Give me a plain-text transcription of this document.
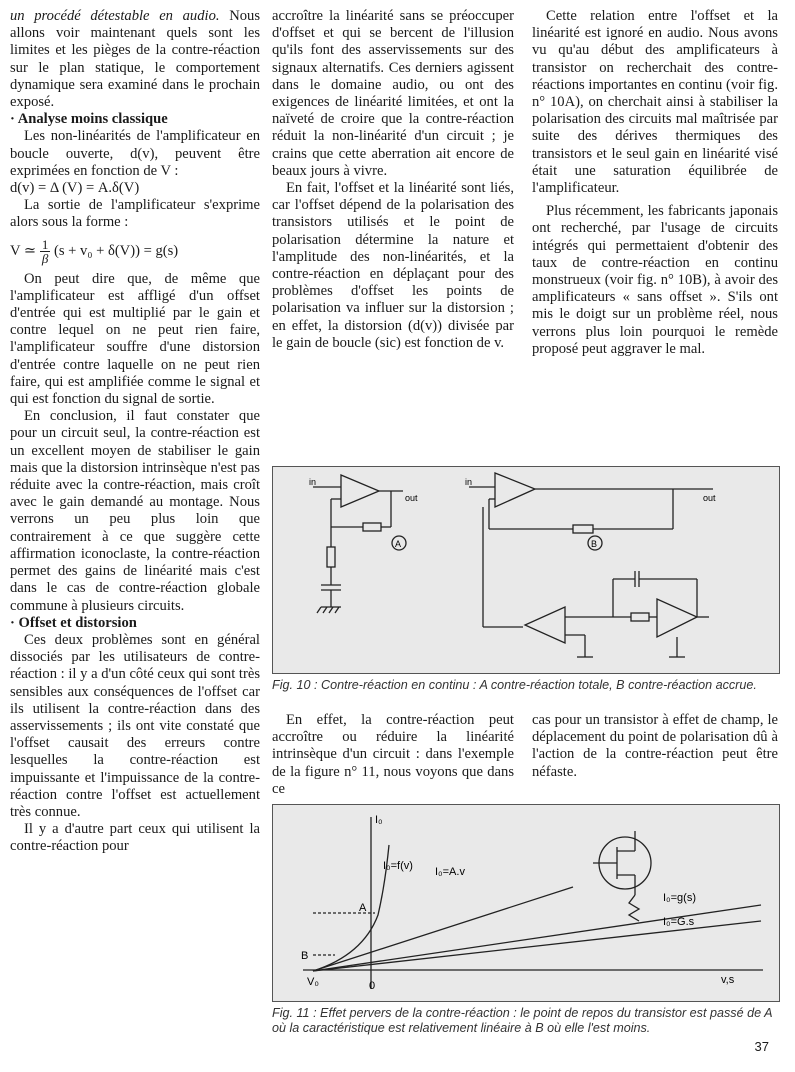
un procédé détestable en audio. Nous allons voir maintenant quels sont les limites et les pièges de la contre-réaction sur le plan statique, le comportement dynamique sera examiné dans le prochain exposé.

· Analyse moins classique

Les non-linéarités de l'amplificateur en boucle ouverte, d(v), peuvent être exprimées en fonction de V :

d(v) = Δ (V) = A.δ(V)

La sortie de l'amplificateur s'exprime alors sous la forme :

V ≃ $\frac{1}{\beta} (s + v_0 + \delta(V)) = g(s)$

On peut dire que, de même que l'amplificateur est affligé d'un offset d'entrée qui est multiplié par le gain et contre lequel on ne peut rien faire, l'amplificateur souffre d'une distorsion d'entrée contre laquelle on ne peut rien faire, qui est amplifiée comme le signal et qui est fonction du signal de sortie.

En conclusion, il faut constater que pour un circuit seul, la contre-réaction est un excellent moyen de stabiliser le gain mais que la distorsion intrinsèque n'est pas réduite avec la contre-réaction, mais croît avec le gain demandé au montage. Nous verrons un peu plus loin que contrairement à ce que suggère cette affirmation iconoclaste, la contre-réaction permet des gains de linéarité mais c'est dans le cas de contre-réaction globale commune à plusieurs circuits.

· Offset et distorsion

Ces deux problèmes sont en général dissociés par les utilisateurs de contre-réaction : il y a d'un côté ceux qui sont très sensibles aux conséquences de l'offset car ils utilisent la contre-réaction dans des asservissements ; ils ont vite constaté que l'offset causait des erreurs contre lesquelles la contre-réaction est impuissante et l'impuissance de la contre-réaction contre l'offset est actuellement très connue.

Il y a d'autre part ceux qui utilisent la contre-réaction pour

accroître la linéarité sans se préoccuper d'offset et qui se bercent de l'illusion qu'ils font des asservissements sur des signaux alternatifs. Ces derniers agissent dans le domaine audio, ou ont des exigences de linéarité limitées, et ont la naïveté de croire que la contre-réaction réduit la non-linéarité d'un circuit ; je crains que cette aberration ait encore de beaux jours à vivre.

En fait, l'offset et la linéarité sont liés, car l'offset dépend de la polarisation des transistors utilisés et le point de polarisation détermine la nature et l'amplitude des non-linéarités, et la contre-réaction en déplaçant pour des problèmes d'offset les points de polarisation va influer sur la distorsion ; en effet, la distorsion (d(v)) divisée par le gain de boucle (sic) est fonction de v.

Cette relation entre l'offset et la linéarité est ignoré en audio. Nous avons vu qu'au début des amplificateurs à transistor on recherchait des contre-réactions importantes en continu (voir fig. n° 10A), on cherchait ainsi à stabiliser la polarisation des circuits mal maîtrisée par suite des dérives thermiques des transistors et le seul gain en linéarité visé était une saturation équilibrée de l'amplificateur.

Plus récemment, les fabricants japonais ont recherché, par l'usage de circuits intégrés qui permettaient d'obtenir des taux de contre-réaction en continu monstrueux (voir fig. n° 10B), à avoir des amplificateurs « sans offset ». S'ils ont mis le doigt sur un problème réel, nous verrons plus loin pourquoi le remède proposé peut aggraver le mal.

in
out
in
out
A	B
Fig. 10 : Contre-réaction en continu : A contre-réaction totale, B contre-réaction accrue.

En effet, la contre-réaction peut accroître ou réduire la linéarité intrinsèque d'un circuit : dans l'exemple de la figure n° 11, nous voyons que dans ce

cas pour un transistor à effet de champ, le déplacement du point de polarisation dû à l'action de la contre-réaction peut être néfaste.

I₀
v,s
I₀=f(v) I₀=A.v
I₀=g(s)
I₀=G.s
A
B
V₀	0
Fig. 11 : Effet pervers de la contre-réaction : le point de repos du transistor est passé de A où la caractéristique est relativement linéaire à B où elle l'est moins.
37
